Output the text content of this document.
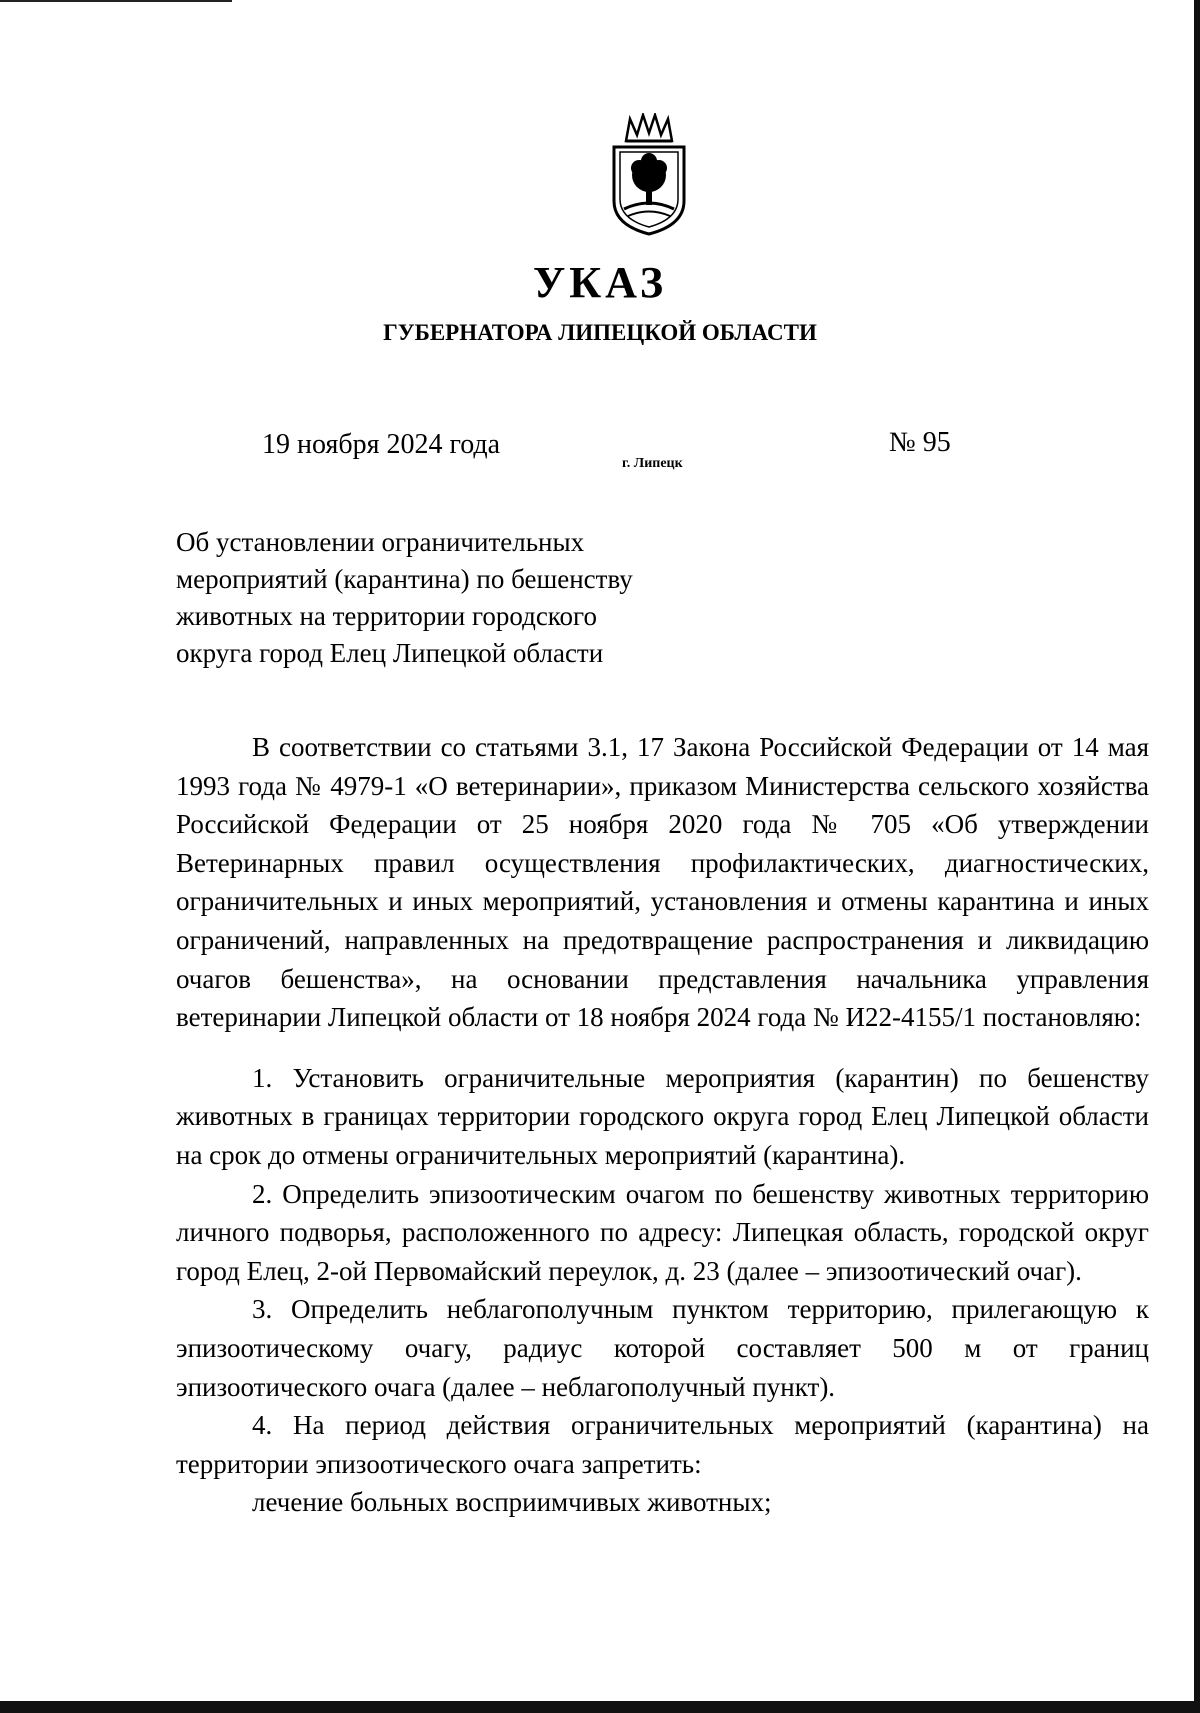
УКАЗ
ГУБЕРНАТОРА ЛИПЕЦКОЙ ОБЛАСТИ
19 ноября 2024 года
г. Липецк
№ 95
Об установлении ограничительных
мероприятий (карантина) по бешенству
животных на территории городского
округа город Елец Липецкой области

В соответствии со статьями 3.1, 17 Закона Российской Федерации от 14 мая 1993 года № 4979-1 «О ветеринарии», приказом Министерства сельского хозяйства Российской Федерации от 25 ноября 2020 года № 705 «Об утверждении Ветеринарных правил осуществления профилактических, диагностических, ограничительных и иных мероприятий, установления и отмены карантина и иных ограничений, направленных на предотвращение распространения и ликвидацию очагов бешенства», на основании представления начальника управления ветеринарии Липецкой области от 18 ноября 2024 года № И22-4155/1 постановляю:

1. Установить ограничительные мероприятия (карантин) по бешенству животных в границах территории городского округа город Елец Липецкой области на срок до отмены ограничительных мероприятий (карантина).

2. Определить эпизоотическим очагом по бешенству животных территорию личного подворья, расположенного по адресу: Липецкая область, городской округ город Елец, 2-ой Первомайский переулок, д. 23 (далее – эпизоотический очаг).

3. Определить неблагополучным пунктом территорию, прилегающую к эпизоотическому очагу, радиус которой составляет 500 м от границ эпизоотического очага (далее – неблагополучный пункт).

4. На период действия ограничительных мероприятий (карантина) на территории эпизоотического очага запретить:

лечение больных восприимчивых животных;
